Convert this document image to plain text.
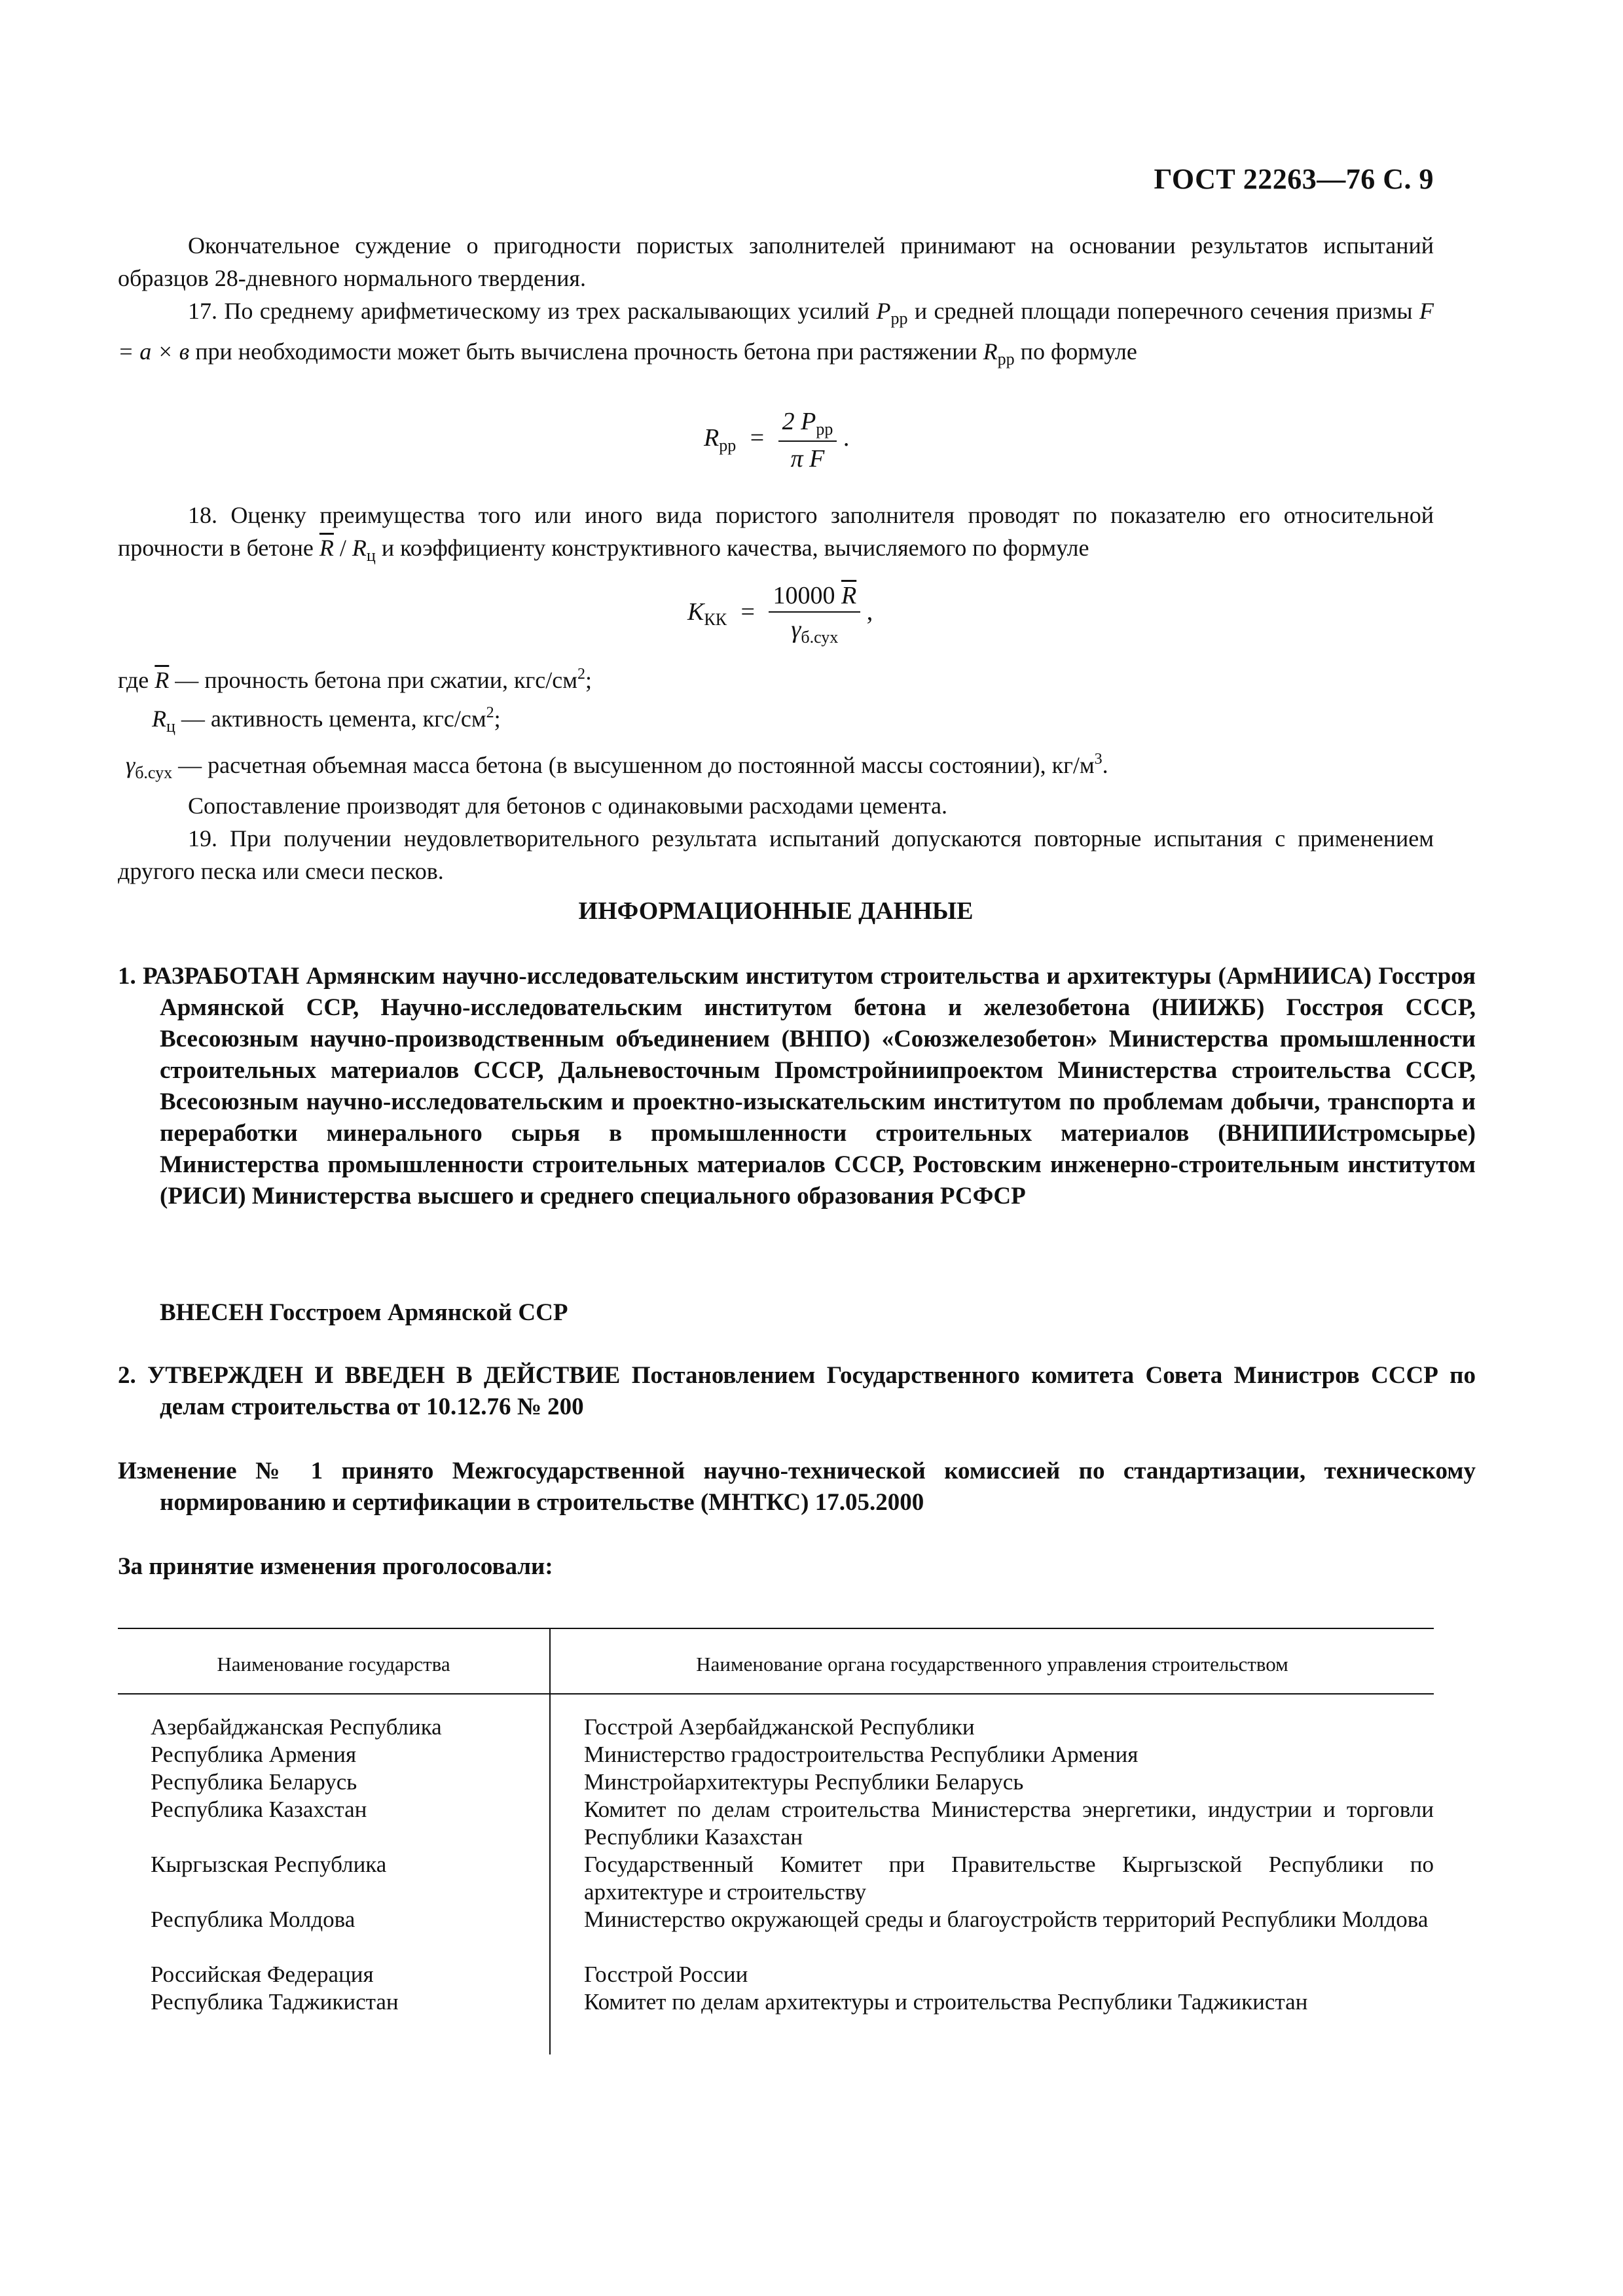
ГОСТ 22263—76 С. 9

Окончательное суждение о пригодности пористых заполнителей принимают на основании результатов испытаний образцов 28-дневного нормального твердения.

17. По среднему арифметическому из трех раскалывающих усилий $P_{рр}$ и средней площади поперечного сечения призмы F = a × в при необходимости может быть вычислена прочность бетона при растяжении $R_{рр}$ по формуле

$R_{рр} = \frac{2 P_{рр}}{\text{π F}}$ .

18. Оценку преимущества того или иного вида пористого заполнителя проводят по показателю его относительной прочности в бетоне $\overline{R} / R_ц$ и коэффициенту конструктивного качества, вычисляемого по формуле

$K_{КК} = \frac{10000 \overline{R}}{\gamma_{б.сух}}$ ,

где $\overline{R}$ — прочность бетона при сжатии, кгс/$см^2$;

$R_ц$ — активность цемента, кгс/$см^2$;

$\gamma_{б.сух}$ — расчетная объемная масса бетона (в высушенном до постоянной массы состоянии), $кг/м^3$.

Сопоставление производят для бетонов с одинаковыми расходами цемента.

19. При получении неудовлетворительного результата испытаний допускаются повторные испытания с применением другого песка или смеси песков.

ИНФОРМАЦИОННЫЕ ДАННЫЕ
1. РАЗРАБОТАН Армянским научно-исследовательским институтом строительства и архитектуры (АрмНИИСА) Госстроя Армянской ССР, Научно-исследовательским институтом бетона и железобетона (НИИЖБ) Госстроя СССР, Всесоюзным научно-производственным объединением (ВНПО) «Союзжелезобетон» Министерства промышленности строительных материалов СССР, Дальневосточным Промстройниипроектом Министерства строительства СССР, Всесоюзным научно-исследовательским и проектно-изыскательским институтом по проблемам добычи, транспорта и переработки минерального сырья в промышленности строительных материалов (ВНИПИИстромсырье) Министерства промышленности строительных материалов СССР, Ростовским инженерно-строительным институтом (РИСИ) Министерства высшего и среднего специального образования РСФСР
ВНЕСЕН Госстроем Армянской ССР
2. УТВЕРЖДЕН И ВВЕДЕН В ДЕЙСТВИЕ Постановлением Государственного комитета Совета Министров СССР по делам строительства от 10.12.76 № 200
Изменение № 1 принято Межгосударственной научно-технической комиссией по стандартизации, техническому нормированию и сертификации в строительстве (МНТКС) 17.05.2000
За принятие изменения проголосовали:
Наименование государства	Наименование органа государственного управления строительством
Азербайджанская Республика	Госстрой Азербайджанской Республики
Республика Армения	Министерство градостроительства Республики Армения
Республика Беларусь	Минстройархитектуры Республики Беларусь
Республика Казахстан	Комитет по делам строительства Министерства энергетики, индустрии и торговли Республики Казахстан
Кыргызская Республика	Государственный Комитет при Правительстве Кыргызской Республики по архитектуре и строительству
Республика Молдова	Министерство окружающей среды и благоустройств территорий Республики Молдова
Российская Федерация	Госстрой России
Республика Таджикистан	Комитет по делам архитектуры и строительства Республики Таджикистан
